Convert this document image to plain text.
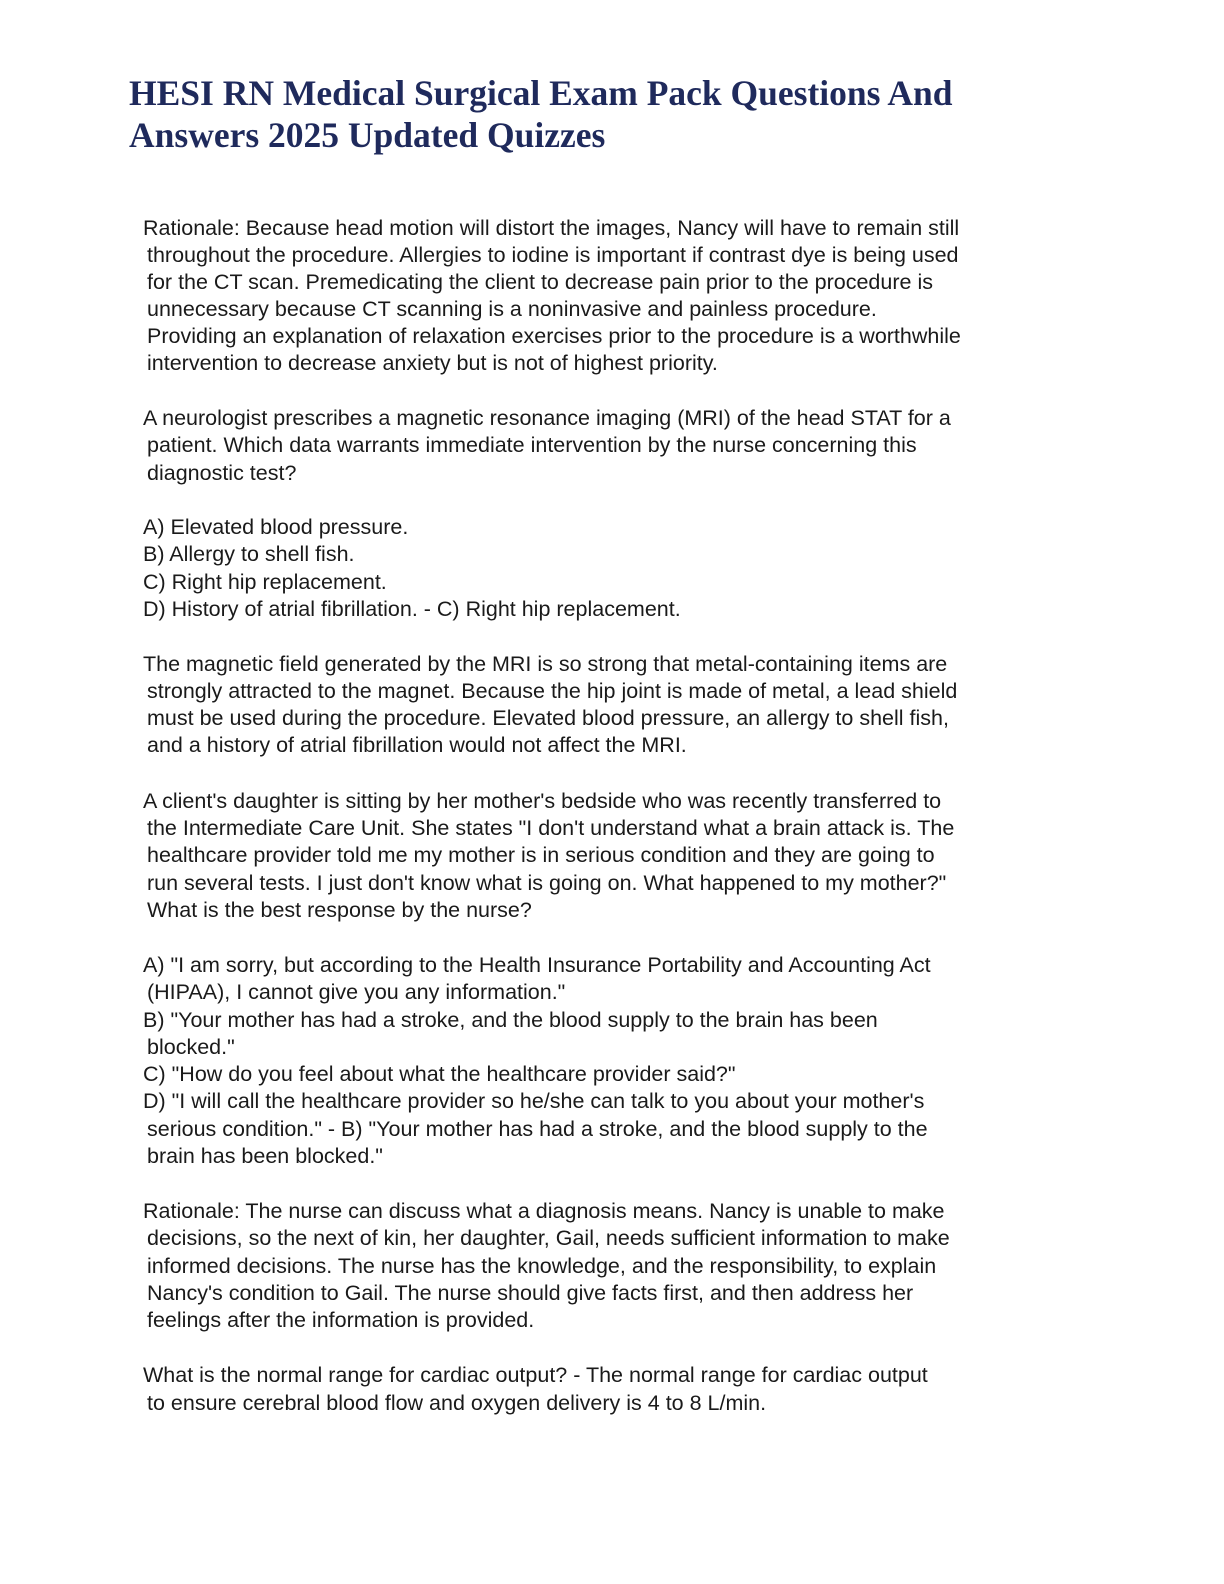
HESI RN Medical Surgical Exam Pack Questions And
Answers 2025 Updated Quizzes

Rationale: Because head motion will distort the images, Nancy will have to remain still

throughout the procedure. Allergies to iodine is important if contrast dye is being used

for the CT scan. Premedicating the client to decrease pain prior to the procedure is

unnecessary because CT scanning is a noninvasive and painless procedure.

Providing an explanation of relaxation exercises prior to the procedure is a worthwhile

intervention to decrease anxiety but is not of highest priority.

A neurologist prescribes a magnetic resonance imaging (MRI) of the head STAT for a

patient. Which data warrants immediate intervention by the nurse concerning this

diagnostic test?

A) Elevated blood pressure.

B) Allergy to shell fish.

C) Right hip replacement.

D) History of atrial fibrillation. - C) Right hip replacement.

The magnetic field generated by the MRI is so strong that metal-containing items are

strongly attracted to the magnet. Because the hip joint is made of metal, a lead shield

must be used during the procedure. Elevated blood pressure, an allergy to shell fish,

and a history of atrial fibrillation would not affect the MRI.

A client's daughter is sitting by her mother's bedside who was recently transferred to

the Intermediate Care Unit. She states "I don't understand what a brain attack is. The

healthcare provider told me my mother is in serious condition and they are going to

run several tests. I just don't know what is going on. What happened to my mother?"

What is the best response by the nurse?

A) "I am sorry, but according to the Health Insurance Portability and Accounting Act

(HIPAA), I cannot give you any information."

B) "Your mother has had a stroke, and the blood supply to the brain has been

blocked."

C) "How do you feel about what the healthcare provider said?"

D) "I will call the healthcare provider so he/she can talk to you about your mother's

serious condition." - B) "Your mother has had a stroke, and the blood supply to the

brain has been blocked."

Rationale: The nurse can discuss what a diagnosis means. Nancy is unable to make

decisions, so the next of kin, her daughter, Gail, needs sufficient information to make

informed decisions. The nurse has the knowledge, and the responsibility, to explain

Nancy's condition to Gail. The nurse should give facts first, and then address her

feelings after the information is provided.

What is the normal range for cardiac output? - The normal range for cardiac output

to ensure cerebral blood flow and oxygen delivery is 4 to 8 L/min.
